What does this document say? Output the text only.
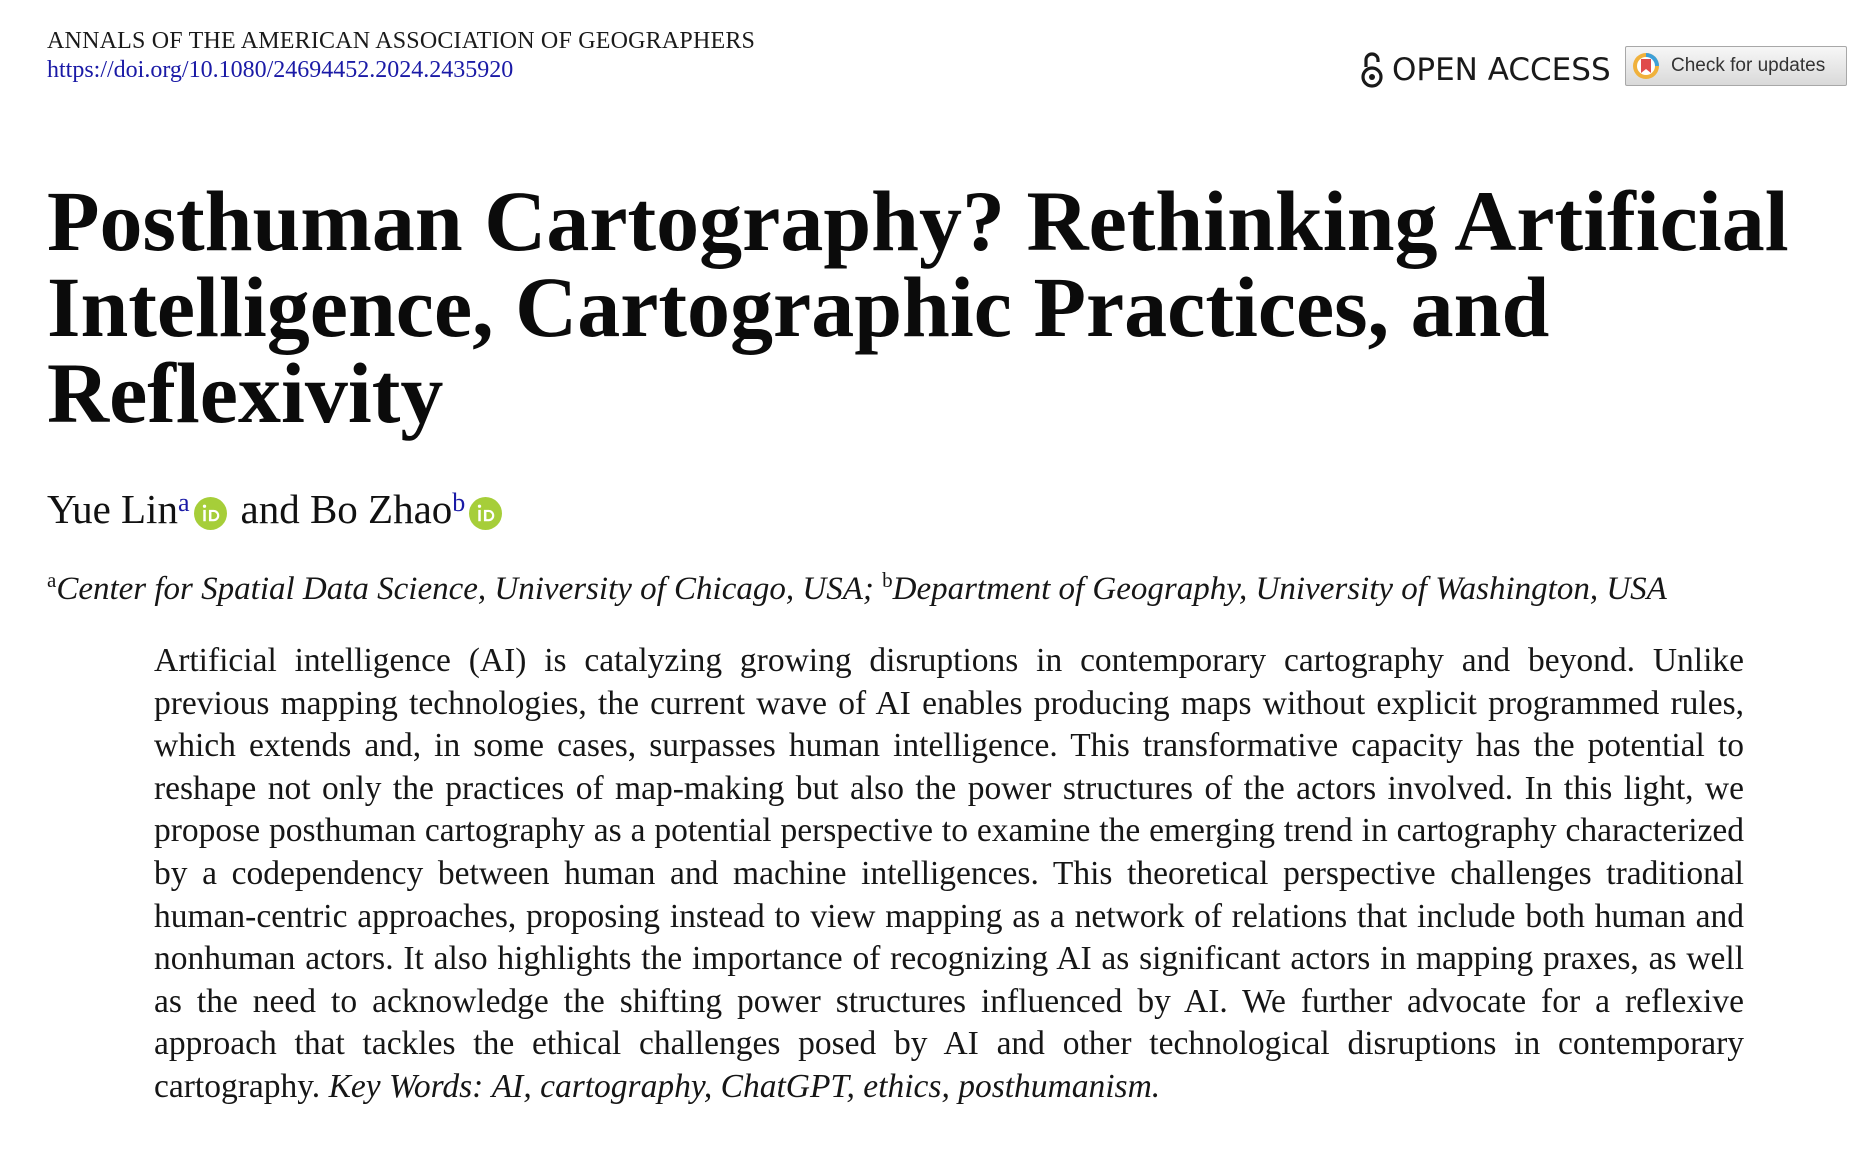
ANNALS OF THE AMERICAN ASSOCIATION OF GEOGRAPHERS
https://doi.org/10.1080/24694452.2024.2435920	OPEN ACCESS	Check for updates
Posthuman Cartography? Rethinking Artificial Intelligence, Cartographic Practices, and Reflexivity
Yue Lin$^a$ and
Bo Zhao$^b$
$^a$Center for Spatial Data Science, University of Chicago, USA; $^b$Department of Geography, University of Washington, USA

Artificial intelligence (AI) is catalyzing growing disruptions in contemporary cartography and beyond. Unlike previous mapping technologies, the current wave of AI enables producing maps without explicit programmed rules, which extends and, in some cases, surpasses human intelligence. This transformative capacity has the potential to reshape not only the practices of map-making but also the power structures of the actors involved. In this light, we propose posthuman cartography as a potential perspective to examine the emerging trend in cartography characterized by a codependency between human and machine intelligences. This theoretical perspective challenges traditional human-centric approaches, proposing instead to view mapping as a network of relations that include both human and nonhuman actors. It also highlights the importance of recognizing AI as significant actors in mapping praxes, as well as the need to acknowledge the shifting power structures influenced by AI. We further advocate for a reflexive approach that tackles the ethical challenges posed by AI and other technological disruptions in contemporary cartography. Key Words: AI, cartography, ChatGPT, ethics, posthumanism.
